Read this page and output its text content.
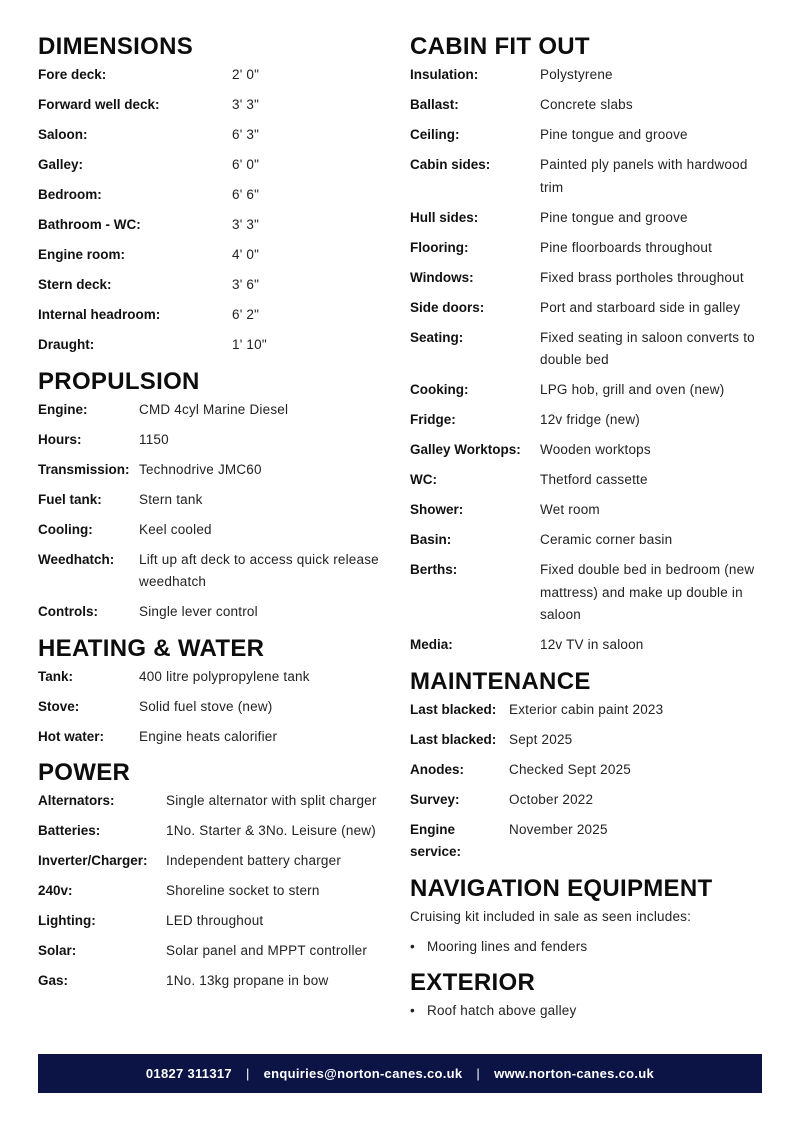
DIMENSIONS
Fore deck:	2' 0"
Forward well deck:	3' 3"
Saloon:	6' 3"
Galley:	6' 0"
Bedroom:	6' 6"
Bathroom - WC:	3' 3"
Engine room:	4' 0"
Stern deck:	3' 6"
Internal headroom:	6' 2"
Draught:	1' 10"
PROPULSION
Engine:	CMD 4cyl Marine Diesel
Hours:	1150
Transmission: Technodrive JMC60
Fuel tank:	Stern tank
Cooling:	Keel cooled
Weedhatch:	Lift up aft deck to access quick release weedhatch
Controls:	Single lever control
HEATING & WATER
Tank:	400 litre polypropylene tank
Stove:	Solid fuel stove (new)
Hot water:	Engine heats calorifier
POWER
Alternators:	Single alternator with split charger
Batteries:	1No. Starter & 3No. Leisure (new)
Inverter/Charger:	Independent battery charger
240v:	Shoreline socket to stern
Lighting:	LED throughout
Solar:	Solar panel and MPPT controller
Gas:	1No. 13kg propane in bow
CABIN FIT OUT
Insulation:	Polystyrene
Ballast:	Concrete slabs
Ceiling:	Pine tongue and groove
Cabin sides:	Painted ply panels with hardwood trim
Hull sides:	Pine tongue and groove
Flooring:	Pine floorboards throughout
Windows:	Fixed brass portholes throughout
Side doors:	Port and starboard side in galley
Seating:	Fixed seating in saloon converts to double bed
Cooking:	LPG hob, grill and oven (new)
Fridge:	12v fridge (new)
Galley Worktops:	Wooden worktops
WC:	Thetford cassette
Shower:	Wet room
Basin:	Ceramic corner basin
Berths:	Fixed double bed in bedroom (new mattress) and make up double in saloon
Media:	12v TV in saloon
MAINTENANCE
Last blacked: Exterior cabin paint 2023
Last blacked: Sept 2025
Anodes:	Checked Sept 2025
Survey:	October 2022
Engine service:
November 2025
NAVIGATION EQUIPMENT

Cruising kit included in sale as seen includes:

• Mooring lines and fenders
EXTERIOR
• Roof hatch above galley
01827 311317 | enquiries@norton-canes.co.uk | www.norton-canes.co.uk
